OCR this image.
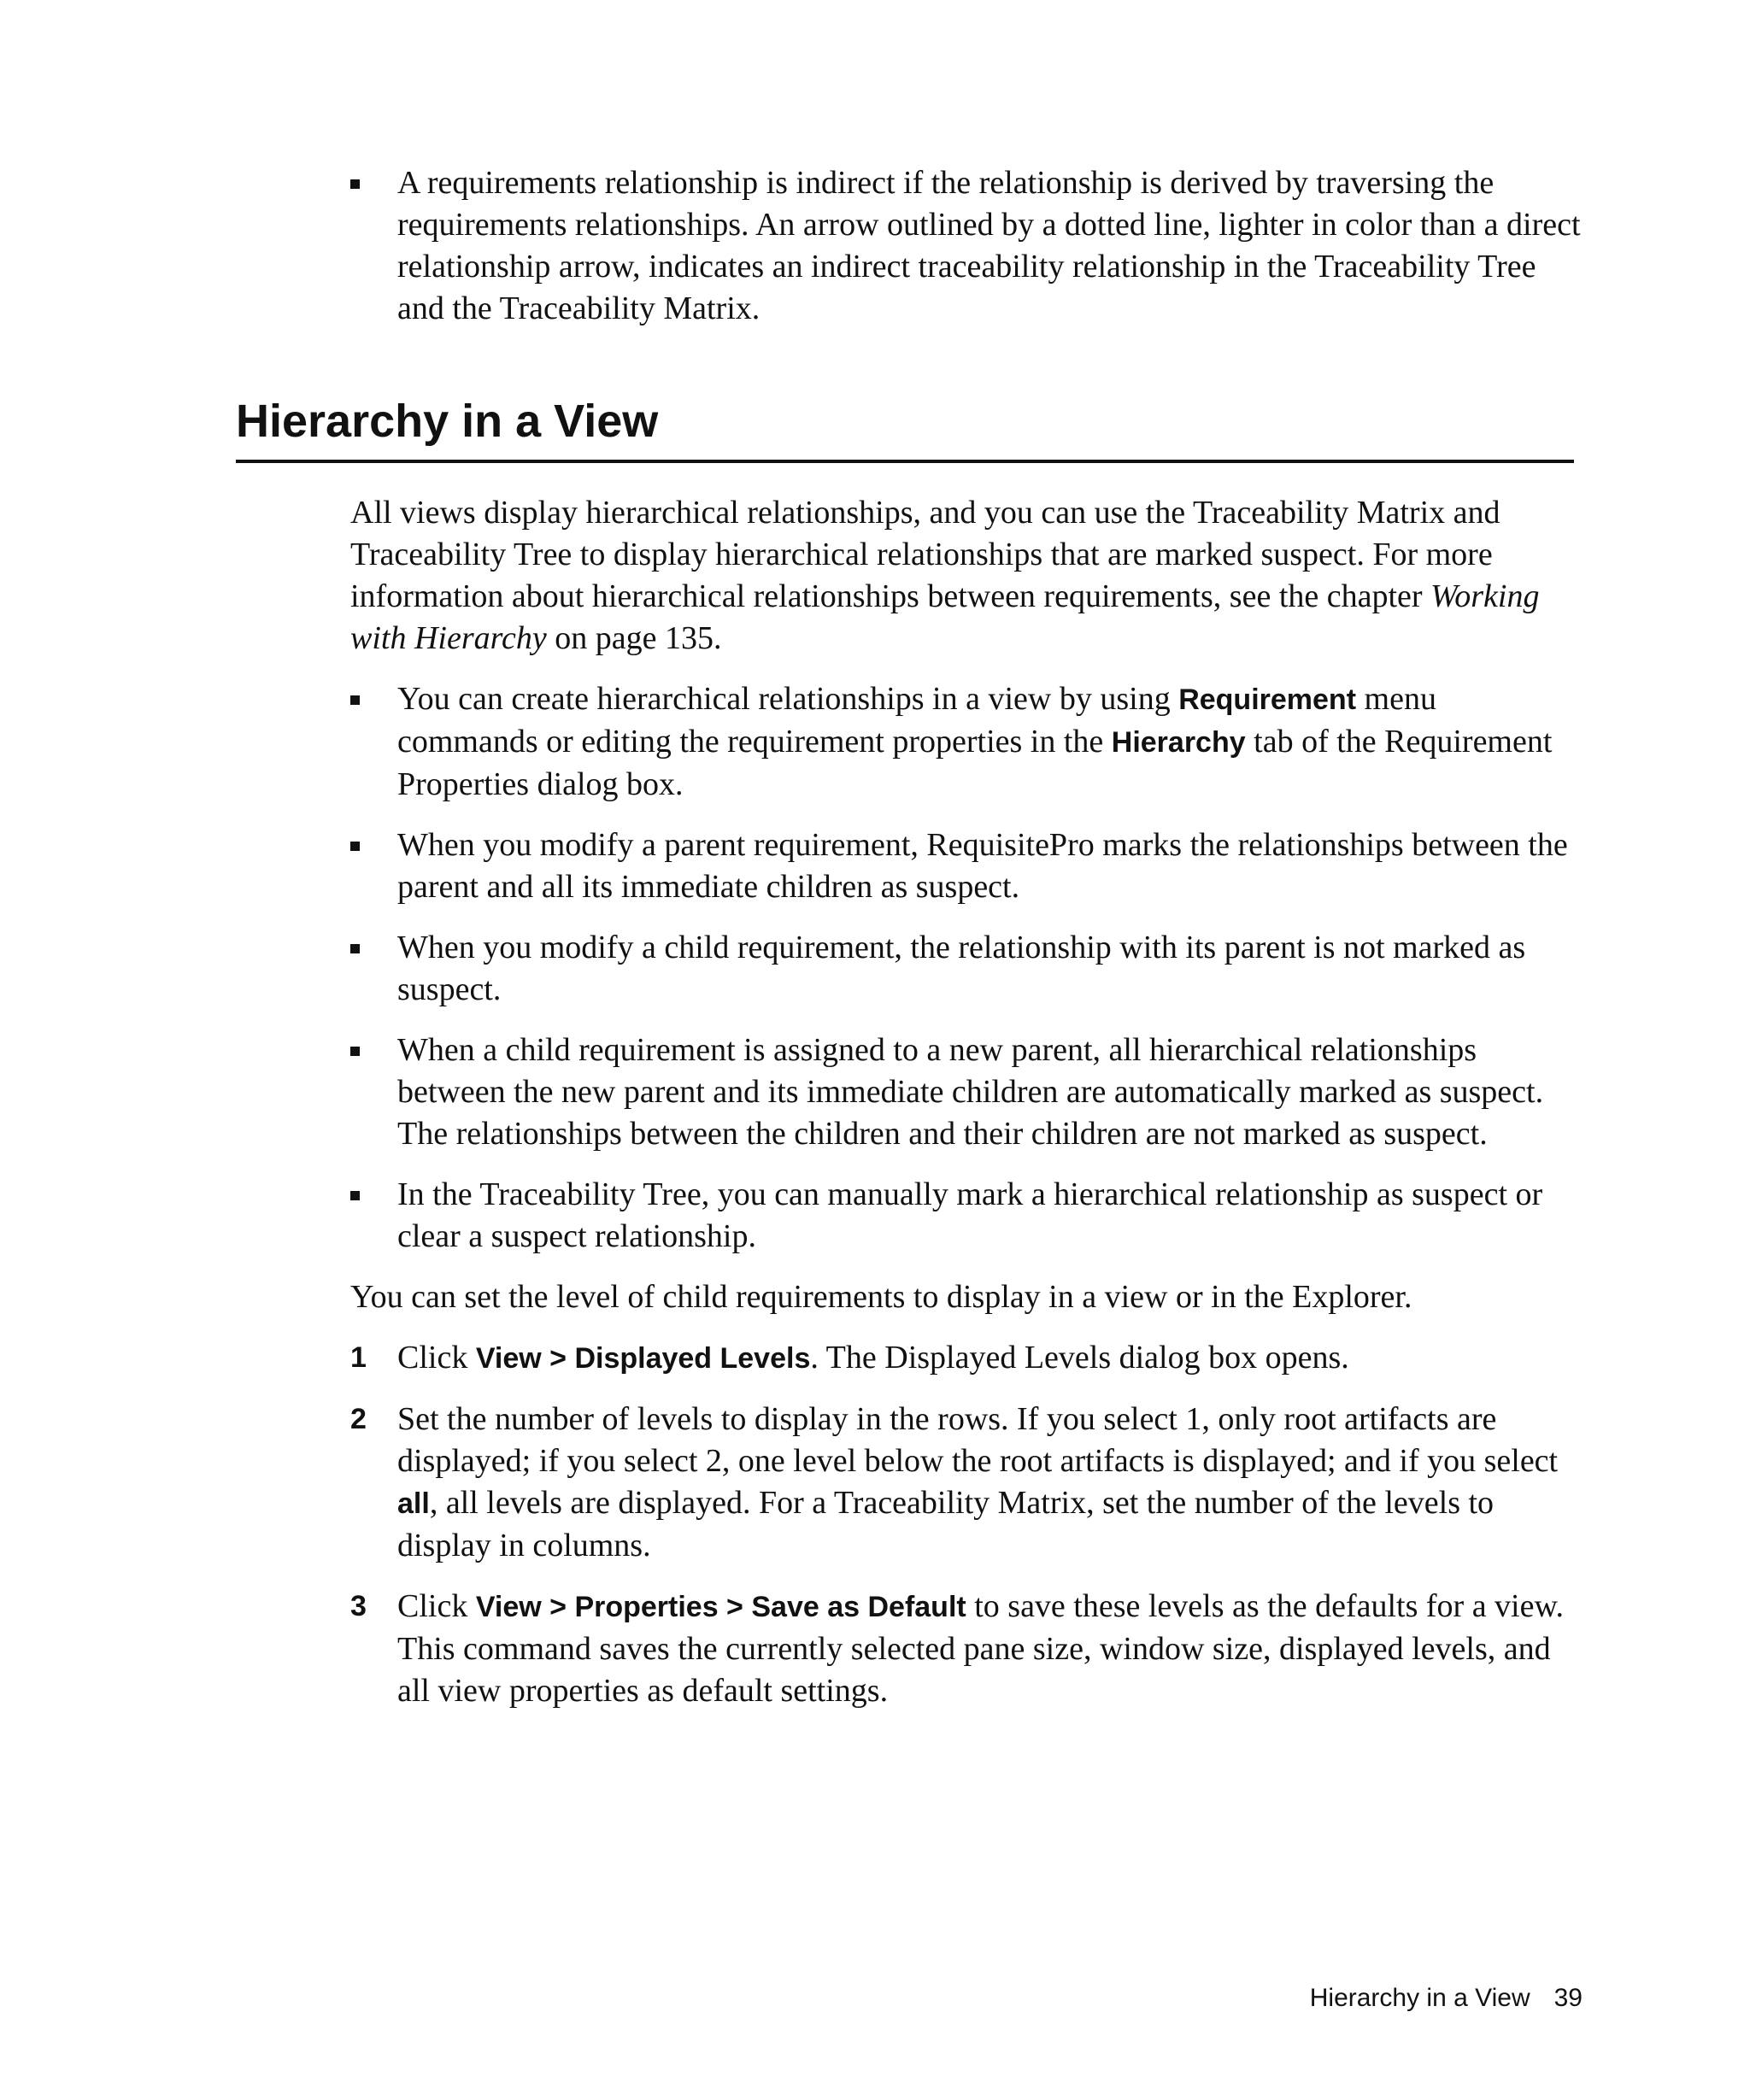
A requirements relationship is indirect if the relationship is derived by traversing the requirements relationships. An arrow outlined by a dotted line, lighter in color than a direct relationship arrow, indicates an indirect traceability relationship in the Traceability Tree and the Traceability Matrix.
Hierarchy in a View

All views display hierarchical relationships, and you can use the Traceability Matrix and Traceability Tree to display hierarchical relationships that are marked suspect. For more information about hierarchical relationships between requirements, see the chapter Working with Hierarchy on page 135.

You can create hierarchical relationships in a view by using Requirement menu commands or editing the requirement properties in the Hierarchy tab of the Requirement Properties dialog box.
When you modify a parent requirement, RequisitePro marks the relationships between the parent and all its immediate children as suspect.
When you modify a child requirement, the relationship with its parent is not marked as suspect.
When a child requirement is assigned to a new parent, all hierarchical relationships between the new parent and its immediate children are automatically marked as suspect. The relationships between the children and their children are not marked as suspect.
In the Traceability Tree, you can manually mark a hierarchical relationship as suspect or clear a suspect relationship.

You can set the level of child requirements to display in a view or in the Explorer.

1 Click View > Displayed Levels. The Displayed Levels dialog box opens.
2 Set the number of levels to display in the rows. If you select 1, only root artifacts are displayed; if you select 2, one level below the root artifacts is displayed; and if you select all, all levels are displayed. For a Traceability Matrix, set the number of the levels to display in columns.
3 Click View > Properties > Save as Default to save these levels as the defaults for a view. This command saves the currently selected pane size, window size, displayed levels, and all view properties as default settings.
Hierarchy in a View 39
